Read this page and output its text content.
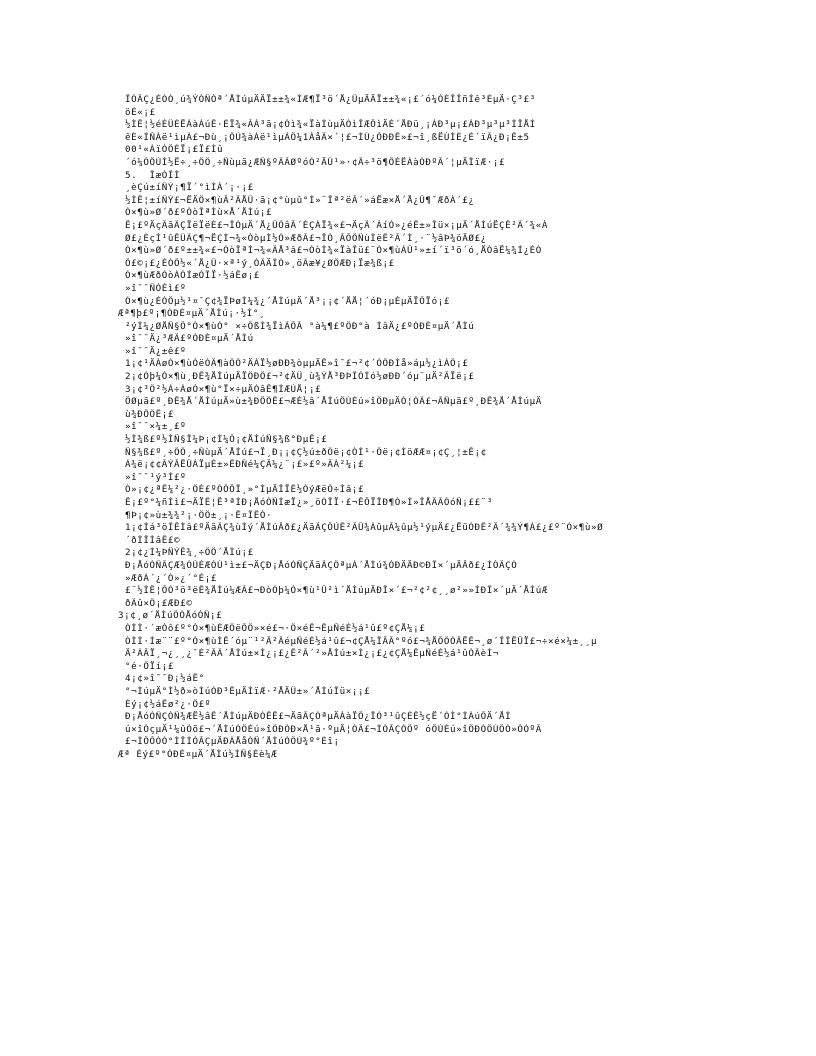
ÎÒÃÇ¿ÉÒÒ¸ú¾ÝÒÑÓª´ÅÌúµÄÄÏ±±¾«ÍÆ¶Ï³ö´Å¿ÛµÄÄÏ±±¾«¡£´ó¼ÒÈÎÎñÍê³ÉµÄ·Ç³£³
öÉ«¡£
½ÌÊ¦½éÉÜÈËÀàÀúÊ·ÉÏ¾«ÃÀ³ã¡¢Òì¾«ÏàÌùµÄÒìÎÆÔìÄÉ´ÅÐü¸¡ÁÐ³µ¡£ÁÐ³µ³µ³ÌÎÅÍ
êÈ«ÍÑÀë¹ìµÀ£¬Ðù¸¡ÔÚ¾àÀë¹ìµÀÔ¼1ÀåÃ×´¦£¬ÌÚ¿ÕÐÐÊ»£¬î¸ßËÙÌÈ¿É´ïÃ¿Ð¡Ê±5
00¹«ÀïÒÔÉÏ¡£Ï£Íû
´ó¼ÒÔÚÌ½Ë÷¸÷ÖÖ¸÷Ñùµã¿ÆÑ§ºÃÃØºóÒ²ÄÜ¹»·¢Ã÷³ö¶ÔÈËÀàÓÐºÃ´¦µÄÎïÆ·¡£
5.  ÎæÓÎÌ
¸èÇú±íÑÝ¡¶Ï´°ìÌÀ´¡·¡£
½ÌÊ¦±íÑÝ£¬ËÄÖ×¶ùÂ²ÃÅÛ·ã¡¢°ùµû°Í»¨Îª²ëÃ´»áËæ×Å´Å¿Û¶¯ÆðÀ´£¿
Ó×¶ù»Ø´ð£ºÒòÎªÌù×Å´ÅÌú¡£
Ê¡£ºÄçÃãÃÇÏëÏëÈ£¬ÎÒµÄ´Å¿ÛÕâÃ´ÈÇÀÏ¾«£¬ÄçÃ´ÁíÒ»¿éÊ±»Îü×¡µÄ´ÅÌúËÇÊ²Ã´¾«À
Ø£¿ÈçÌ¹ûÊÜÃÇ¶¬ËÇÍ¬¾«ÓòµÌ½Ò»ÆðÃ£¬ÎÒ¸ÃÕÕÑùÌëÊ²Ã´Ì¸·¨½âÞ¾öÄØ£¿
Ó×¶ù»Ø´ð£º±±¾«£¬ÒòÎªÍ¬¾«ÃÅ³â£¬ÒòÌ¾«ÏàÎü£¨Ó×¶ùÀÛ¹»±í´ï³ö´ó¸ÅÒâË¼¾Í¿ÉÒ
Ô£©¡£¿ÉÒÔ½«´Å¿Û·×ª¹ý¸ÓÃÄÍÒ»¸öÃæ¥¿ØÖÆÐ¡Ïæ¾ß¡£
Ó×¶ùÆðÒòÀÓÍæÓÎÏ·½áÊø¡£
»î¯¯ÑÓÉì£º
Ó×¶ù¿ÉÒÔµ½¹¤¯Ç¢¾ÏÞøÌ¼¾¿´ÅÌúµÄ´Å³¡¡¢´ÅÅ¦´óÐ¡µÈµÄÏÖÏó¡£
Æª¶þ£º¡¶ÓÐÈ¤µÄ´ÅÌú¡·½Ì°¸
²ýÍ¼¿ØÅÑ§Ô°Ó×¶ùÒ° ×÷ÕßÍ¾ÏìÃÕÃ °à¼¶£ºÖÐ°à ÌâÄ¿£ºÓÐÈ¤µÄ´ÅÌú
»î¯¯Ä¿³ÆÃ£ºÓÐÈ¤µÄ´ÅÌú
»î¯¯Ä¿±ê£º
1¡¢¹ÄÀøÓ×¶ùÓëÓÃ¶àÖÖ²ÄÁÏ½øÐÐ¾òµµÄÊ»î¯£¬²¢´ÓÖÐÌå»áµ½¿ìÀÖ¡£
2¡¢Òþ¼Ó×¶ù¸ÐÊ¾ÅÌúµÄÏÖÐÔ£¬²¢ÄÜ¸ù¾ÝÅ³ÐÞÎÓÍó½øÐÐ´óµ¨µÄ²ÂÏë¡£
3¡¢³Ö²½À÷ÀøÓ×¶ù°Ï×÷µÄÒâÊ¶ÍÆÙÅ¦¡£
ÖØµã£º¸ÐÊ¾Å´ÅÌúµÄ»ù±¾ÐÔÖÊ£¬ÆÈ½â´ÅÌúÔÚÉú»îÖÐµÄÓ¦ÓÃ£¬ÃÑµã£º¸ÐÊ¾Å´ÅÌúµÄ
ù¾ÐÔÖÊ¡£
»î¯¯×¼±¸£º
½Ì¾ß£º½ÌÑ§Î¼Þ¡¢Ì¼Ô¡¢ÅÌúÑ§¾ß°ÐµÊ¡£
Ñ§¾ß£º¸÷ÖÖ¸÷ÑùµÄ´ÅÌú£¬Ï¸Ð¡¡¢Ç½ú±ðÖë¡¢ÓÍ¹·Öë¡¢ÌöÆÆ¤¡¢Ç¸¦±Ê¡¢
Á¾ë¡¢¢ÃÝÂËÛÁÏµÈ±»ÊÐÑé¼ÇÂ¼¿¨¡£»£º»ÃÀ²¼¡£
»î¯¯¹ý³Ì£º
Ò»¡¢¿ªÊ¼²¿·ÖÈ£ºÓÔÔÎ¸»°ÍµÄÎÏÊ½ÒýÆëÒ÷Ìâ¡£
Ê¡£º°¼ñÍì£¬ÄÏÊ¦Ë³ªÍÐ¡ÅóÓÑÍæÏ¿»¸öÓÎÏ·£¬ÊÔÏÎÐ¶Ò»Í»ÎÅÂÂÓóÑ¡££¨³
¶Þ¡¢»ù±¾¾²¡·ÖÖ±¸¡·Ê¤ÎÊÒ·
1¡¢Ìá³öÎÊÌâ£ºÄãÃÇ¾ùÌý´ÅÌúÂð£¿ÄãÃÇÔÚÊ²ÃÛ¾ÀûµÃ¼ûµ½¹ýµÄ£¿ËüÓÐÊ²Ã´¾¾Ý¶À£¿£º¨Ó×¶ù»Ø
´ðÌÎÌâÊ£©
2¡¢¿Ì¼ÞÑÝÊ¾¸÷ÖÖ´ÅÌú¡£
Ð¡ÅóÓÑÃÇÆ¾ÓÚÈÆÓÚ¹ì±£¬ÄÇÐ¡ÅóÓÑÇÄãÃÇÖªµÀ´ÅÌú¾ÓÐÄÄÐ©ÐÎ×´µÄÂð£¿ÌÒÃÇÒ
»ÆðÀ´¿´Ò»¿´°É¡£
£¨½ÌÊ¦ÕÒ³ö³ëÊ¾ÅÌú¼ÆÃ£¬ÐòÒþ¼Ó×¶ù¹Û²ì´ÅÌúµÄÐÎ×´£¬²¢²¢¸¸ø²»»ÍÐÎ×´µÄ´ÅÌúÆ
ðÃû×Ö¡£ÆÐ£©
3¡¢¸ø´ÅÌúÕÒÅóÓÑ¡£
ÓÍÌ·´æÒô£º°Ó×¶ùÈÆÖëÕÔ»×é£¬·Ö×éÊ¬ÊµÑéÉ½á¹û£º¢ÇÅ¼¡£
ÓÍÌ·Íæ¨¨£º°Ó×¶ùÌÊ´óµ¨¹²Â²ÂéµÑéÉ½á¹û£¬¢ÇÅ¼ÎÂÂ°ºó£¬¾ÅÕÖÓÂËÊ¬¸ø´ÎÎËÛÏ£¬÷×é×¼±¸¸µ
Ä²ÀÂÏ¸¬¿¸¸¿¯É²ÃÃ´ÅÌú±×Í¿¡£¿Ê²Ã´²»ÅÌú±×Í¿¡£¿¢ÇÅ¼ÊµÑéÉ½á¹ûÓÃèÍ¬
°é·ÖÏí¡£
4¡¢»î¯¯Ð¡½áÊ°
°¬ÌúµÄ°Ì½ð»òÌúÓÐ³ÊµÄÌïÆ·²ÅÄÜ±»´ÅÌúÎü×¡¡£
Èý¡¢½áÊø²¿·Ö£º
Ð¡ÅóÓÑÇÒÑ¾ÆË½âÊ´ÅÌúµÄÐÒÊÊ£¬ÄãÃÇÒªµÄÀàÏÔ¿ÎÒ³¹ûÇÉÊ½çË´ÓÌ°ÍÀúÕÄ´ÅÌ
ú×îÒçµÄ¹¼ûÒõ£¬´ÅÌúÓÖÉú»îÖÐÓÐ×Å¹ã·ºµÄ¦ÓÃ£¬ÌÒÃÇÒÔº óÔÚÉú»îÖÐÒÔÙÕÒ»ÕÒºÃ
£¬ÌÔÕÒÓ°ÍÎÌÒÃÇµÄÐÀÅåÓÑ´ÅÌúÓÖÙ¾º°Éî¡
Æª Èý£º°ÓÐÈ¤µÄ´ÅÌú½ÌÑ§Éè¼Æ
